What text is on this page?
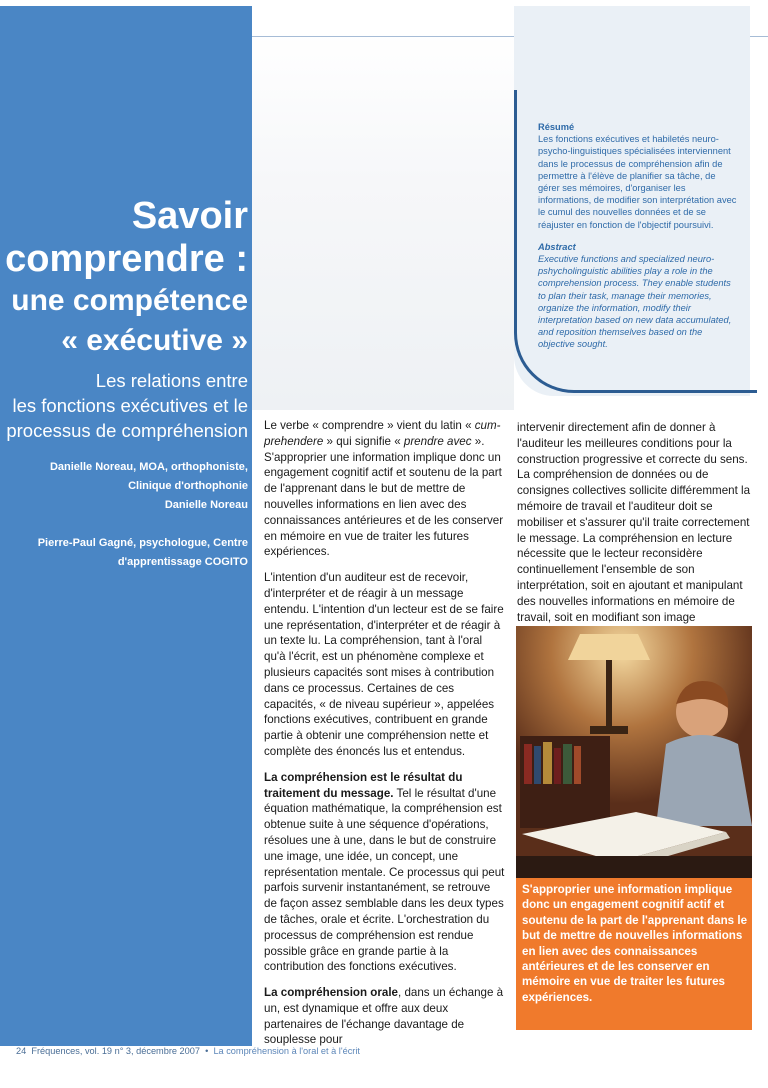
Savoir
comprendre :
une compétence
« exécutive »
Les relations entre
les fonctions exécutives et le
processus de compréhension

Danielle Noreau, MOA, orthophoniste,
Clinique d'orthophonie
Danielle Noreau

Pierre-Paul Gagné, psychologue, Centre
d'apprentissage COGITO

Résumé

Les fonctions exécutives et habiletés neuro-psycho-linguistiques spécialisées interviennent dans le processus de compréhension afin de permettre à l'élève de planifier sa tâche, de gérer ses mémoires, d'organiser les informations, de modifier son interprétation avec le cumul des nouvelles données et de se réajuster en fonction de l'objectif poursuivi.

Abstract

Executive functions and specialized neuro-pshycholinguistic abilities play a role in the comprehension process. They enable students to plan their task, manage their memories, organize the information, modify their interpretation based on new data accumulated, and reposition themselves based on the objective sought.

Le verbe « comprendre » vient du latin « cum-prehendere » qui signifie « prendre avec ». S'approprier une information implique donc un engagement cognitif actif et soutenu de la part de l'apprenant dans le but de mettre de nouvelles informations en lien avec des connaissances antérieures et de les conserver en mémoire en vue de traiter les futures expériences.

L'intention d'un auditeur est de recevoir, d'interpréter et de réagir à un message entendu. L'intention d'un lecteur est de se faire une représentation, d'interpréter et de réagir à un texte lu. La compréhension, tant à l'oral qu'à l'écrit, est un phénomène complexe et plusieurs capacités sont mises à contribution dans ce processus. Certaines de ces capacités, « de niveau supérieur », appelées fonctions exécutives, contribuent en grande partie à obtenir une compréhension nette et complète des énoncés lus et entendus.

La compréhension est le résultat du traitement du message. Tel le résultat d'une équation mathématique, la compréhension est obtenue suite à une séquence d'opérations, résolues une à une, dans le but de construire une image, une idée, un concept, une représentation mentale. Ce processus qui peut parfois survenir instantanément, se retrouve de façon assez semblable dans les deux types de tâches, orale et écrite. L'orchestration du processus de compréhension est rendue possible grâce en grande partie à la contribution des fonctions exécutives.

La compréhension orale, dans un échange à un, est dynamique et offre aux deux partenaires de l'échange davantage de souplesse pour

intervenir directement afin de donner à l'auditeur les meilleures conditions pour la construction progressive et correcte du sens. La compréhension de données ou de consignes collectives sollicite différemment la mémoire de travail et l'auditeur doit se mobiliser et s'assurer qu'il traite correctement le message. La compréhension en lecture nécessite que le lecteur reconsidère continuellement l'ensemble de son interprétation, soit en ajoutant et manipulant des nouvelles informations en mémoire de travail, soit en modifiant son image

S'approprier une information implique donc un engagement cognitif actif et soutenu de la part de l'apprenant dans le but de mettre de nouvelles informations en lien avec des connaissances antérieures et de les conserver en mémoire en vue de traiter les futures expériences.
24 Fréquences, vol. 19 n° 3, décembre 2007 • La compréhension à l'oral et à l'écrit
